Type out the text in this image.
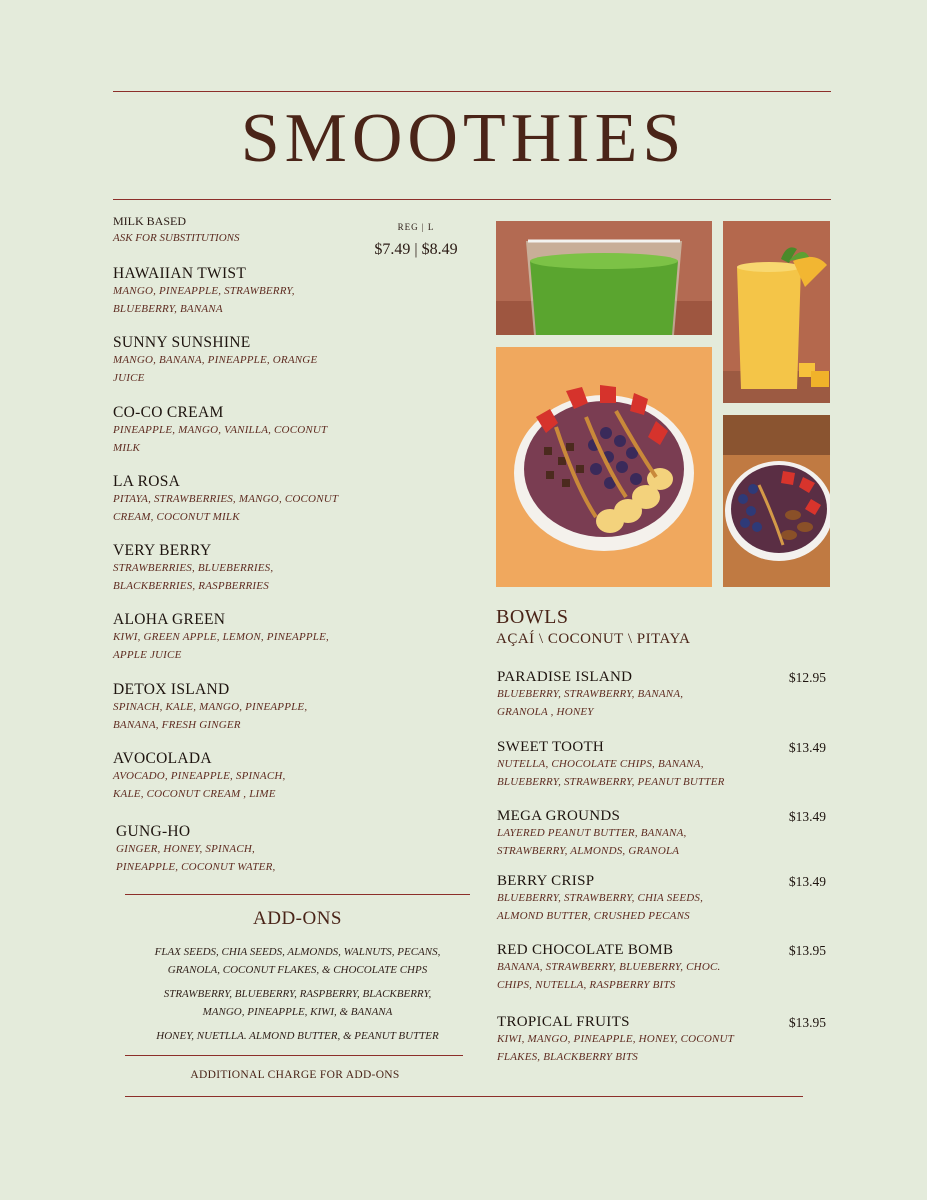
SMOOTHIES
MILK BASED
ASK FOR SUBSTITUTIONS
REG | L
$7.49 | $8.49
HAWAIIAN TWIST
MANGO, PINEAPPLE, STRAWBERRY, BLUEBERRY, BANANA
SUNNY SUNSHINE
MANGO, BANANA, PINEAPPLE, ORANGE JUICE
CO-CO CREAM
PINEAPPLE, MANGO, VANILLA, COCONUT MILK
LA ROSA
PITAYA, STRAWBERRIES, MANGO, COCONUT CREAM, COCONUT MILK
VERY BERRY
STRAWBERRIES, BLUEBERRIES, BLACKBERRIES, RASPBERRIES
ALOHA GREEN
KIWI, GREEN APPLE, LEMON, PINEAPPLE, APPLE JUICE
DETOX ISLAND
SPINACH, KALE, MANGO, PINEAPPLE, BANANA, FRESH GINGER
AVOCOLADA
AVOCADO, PINEAPPLE, SPINACH, KALE, COCONUT CREAM , LIME
GUNG-HO
GINGER, HONEY, SPINACH, PINEAPPLE, COCONUT WATER,
ADD-ONS
FLAX SEEDS, CHIA SEEDS, ALMONDS, WALNUTS, PECANS, GRANOLA, COCONUT FLAKES, & CHOCOLATE CHPS
STRAWBERRY, BLUEBERRY, RASPBERRY, BLACKBERRY, MANGO, PINEAPPLE, KIWI, & BANANA
HONEY, NUETLLA. ALMOND BUTTER, & PEANUT BUTTER
ADDITIONAL CHARGE FOR ADD-ONS
BOWLS
AÇAÍ \ COCONUT \ PITAYA
PARADISE ISLAND	$12.95
BLUEBERRY, STRAWBERRY, BANANA, GRANOLA , HONEY
SWEET TOOTH	$13.49
NUTELLA, CHOCOLATE CHIPS, BANANA, BLUEBERRY, STRAWBERRY, PEANUT BUTTER
MEGA GROUNDS	$13.49
LAYERED PEANUT BUTTER, BANANA, STRAWBERRY, ALMONDS, GRANOLA
BERRY CRISP	$13.49
BLUEBERRY, STRAWBERRY, CHIA SEEDS, ALMOND BUTTER, CRUSHED PECANS
RED CHOCOLATE BOMB	$13.95
BANANA, STRAWBERRY, BLUEBERRY, CHOC. CHIPS, NUTELLA, RASPBERRY BITS
TROPICAL FRUITS	$13.95
KIWI, MANGO, PINEAPPLE, HONEY, COCONUT FLAKES, BLACKBERRY BITS
